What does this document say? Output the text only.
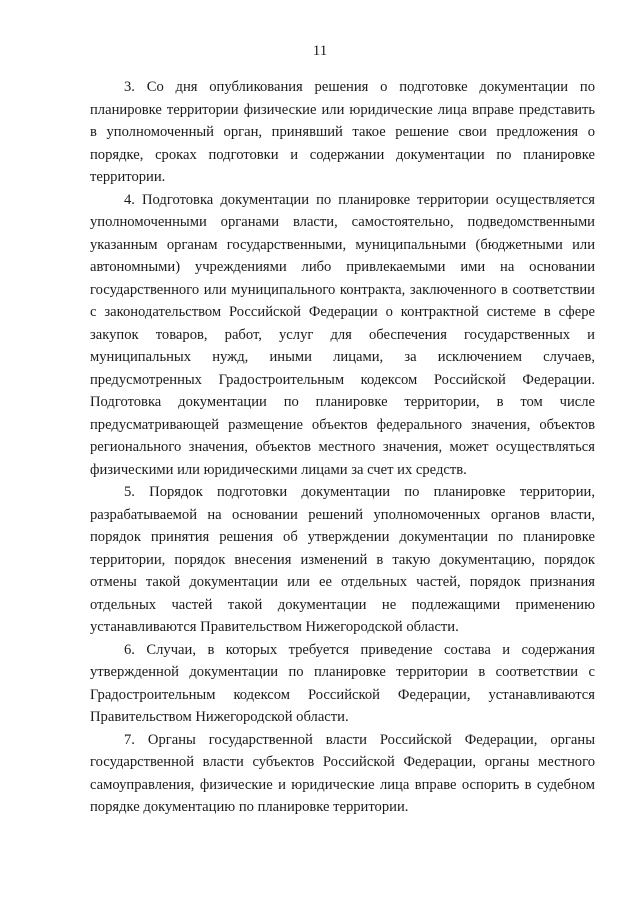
11

3. Со дня опубликования решения о подготовке документации по планировке территории физические или юридические лица вправе представить в уполномоченный орган, принявший такое решение свои предложения о порядке, сроках подготовки и содержании документации по планировке территории.

4. Подготовка документации по планировке территории осуществляется уполномоченными органами власти, самостоятельно, подведомственными указанным органам государственными, муниципальными (бюджетными или автономными) учреждениями либо привлекаемыми ими на основании государственного или муниципального контракта, заключенного в соответствии с законодательством Российской Федерации о контрактной системе в сфере закупок товаров, работ, услуг для обеспечения государственных и муниципальных нужд, иными лицами, за исключением случаев, предусмотренных Градостроительным кодексом Российской Федерации. Подготовка документации по планировке территории, в том числе предусматривающей размещение объектов федерального значения, объектов регионального значения, объектов местного значения, может осуществляться физическими или юридическими лицами за счет их средств.

5. Порядок подготовки документации по планировке территории, разрабатываемой на основании решений уполномоченных органов власти, порядок принятия решения об утверждении документации по планировке территории, порядок внесения изменений в такую документацию, порядок отмены такой документации или ее отдельных частей, порядок признания отдельных частей такой документации не подлежащими применению устанавливаются Правительством Нижегородской области.

6. Случаи, в которых требуется приведение состава и содержания утвержденной документации по планировке территории в соответствии с Градостроительным кодексом Российской Федерации, устанавливаются Правительством Нижегородской области.

7. Органы государственной власти Российской Федерации, органы государственной власти субъектов Российской Федерации, органы местного самоуправления, физические и юридические лица вправе оспорить в судебном порядке документацию по планировке территории.
